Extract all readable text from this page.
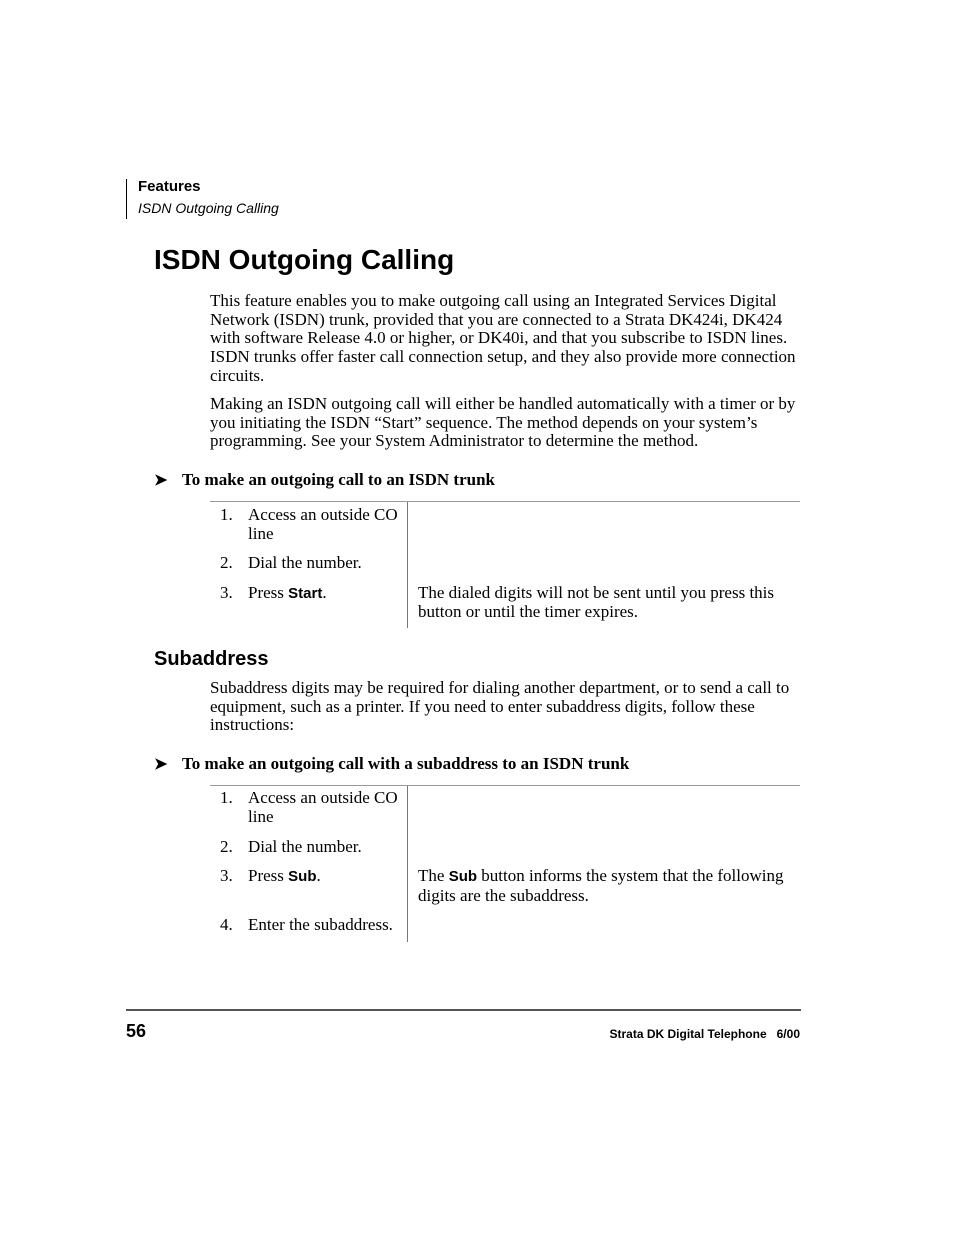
Features
ISDN Outgoing Calling
ISDN Outgoing Calling

This feature enables you to make outgoing call using an Integrated Services Digital Network (ISDN) trunk, provided that you are connected to a Strata DK424i, DK424 with software Release 4.0 or higher, or DK40i, and that you subscribe to ISDN lines. ISDN trunks offer faster call connection setup, and they also provide more connection circuits.

Making an ISDN outgoing call will either be handled automatically with a timer or by you initiating the ISDN “Start” sequence. The method depends on your system’s programming. See your System Administrator to determine the method.

➤ To make an outgoing call to an ISDN trunk
1. Access an outside CO line
2. Dial the number.
3. Press Start.	The dialed digits will not be sent until you press this button or until the timer expires.
Subaddress

Subaddress digits may be required for dialing another department, or to send a call to equipment, such as a printer. If you need to enter subaddress digits, follow these instructions:

➤ To make an outgoing call with a subaddress to an ISDN trunk
1. Access an outside CO line
2. Dial the number.
3. Press Sub.	The Sub button informs the system that the following digits are the subaddress.
4. Enter the subaddress.
56	Strata DK Digital Telephone   6/00
